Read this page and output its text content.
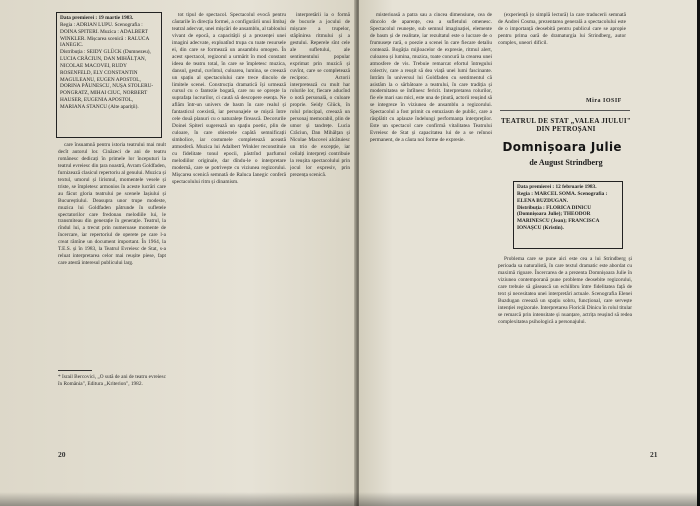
Data premierei : 19 martie 1983.
Regia : ADRIAN LUPU. Scenografia : DOINA SPITERI. Muzica : ADALBERT WINKLER. Mișcarea scenică : RALUCA IANEGIC.
Distribuția : SEIDY GLÜCK (Dumnezeu), LUCIA CRĂCIUN, DAN MIHĂLȚAN, NICOLAE MACOVEI, RUDY ROSENFELD, ELY CONSTANTIN MAGULEANU, EUGEN APOSTOL, DORINA PĂUNESCU, NUȘA STOLERU-PONGRATZ, MIHAI CIUC, NORBERT HAUSER, EUGENIA APOSTOL, MARIANA STANCU (Alte apariții).

care însuamnă pentru istoria teatrului mai mult decît autorul lor. Cinăzeci de ani de teatru românesc dedicați în primele lor începuturi la teatrul evreiesc din țara noastră, Avram Goldfaden, furnizează clasicul repertoriu al genului. Muzica și textul, umorul și lirismul, momentele vesele și triste, se împletesc armonios în aceste lucrări care au făcut gloria teatrului pe scenele Iașiului și Bucureștiului. Deasupra unor trupe modeste, muzica lui Goldfaden pătrunde în sufletele spectatorilor care fredonau melodiile lui, le transmiteau din generație în generație. Teatrul, la rîndul lui, a trecut prin numeroase momente de încercare, iar repertoriul de operete pe care l-a creat rămîne un document important. În 1964, la T.E.S. și în 1983, la Teatrul Evreiesc de Stat, s-a reluat interpretarea celor mai reușite piese, fapt care atestă interesul publicului larg.

* Israil Bercovici, „O sută de ani de teatru evreiesc în România", Editura „Kriterion", 1982.

tot tipul de spectacol. Spectacolul evocă pentru căutarile în direcția formei, a configurării unui limbaj teatral adecvat, unei mișcări de ansamblu, al tabloului vivant de epocă, a capacității și a prezenței unei imagini adecvate, exploatînd trupa cu toate resursele ei, din care se formează un ansamblu omogen. În acest spectacol, regizorul a urmărit în mod constant ideea de teatru total, în care se împletesc muzica, dansul, gestul, cuvîntul, culoarea, lumina, se creează un spațiu al spectacolului care trece dincolo de limitele scenei. Construcția dramatică își urmează cursul cu o fantezie bogată, care nu se oprește la suprafața lucrurilor, ci caută să descopere esența. Ne aflăm într-un univers de basm în care realul și fantasticul coexistă, iar personajele se mișcă între cele două planuri cu o naturalețe firească. Decorurile Doinei Spiteri sugerează un spațiu poetic, plin de culoare, în care obiectele capătă semnificații simbolice, iar costumele completează această atmosferă. Muzica lui Adalbert Winkler reconstituie cu fidelitate tonul epocii, păstrînd parfumul melodiilor originale, dar dîndu-le o interpretare modernă, care se potrivește cu viziunea regizorului. Mișcarea scenică semnată de Raluca Ianegic conferă spectacolului ritm și dinamism.

interpretării ia o formă de bucurie a jocului de mișcare a trupelor, stăpînirea ritmului și a gestului. Reperele sînt cele ale sufletului, ale sentimentului popular exprimat prin muzică și cuvînt, care se completează reciproc. Actorii interpretează cu mult har rolurile lor, fiecare aducînd o notă personală, o culoare proprie. Seidy Glück, în rolul principal, creează un personaj memorabil, plin de umor și tandrețe. Lucia Crăciun, Dan Mihălțan și Nicolae Macovei alcătuiesc un trio de excepție, iar ceilalți interpreți contribuie la reușita spectacolului prin jocul lor expresiv, prin prezența scenică.

20

misterioasă a patra sau a cincea dimensiune, cea de dincolo de aparențe, cea a sufletului omenesc. Spectacolul reunește, sub semnul imaginației, elemente de basm și de realitate, iar rezultatul este o lucrare de o frumusețe rară, o poezie a scenei în care fiecare detaliu contează. Bogăția mijloacelor de expresie, ritmul alert, culoarea și lumina, muzica, toate concură la crearea unei atmosfere de vis. Trebuie remarcat efortul întregului colectiv, care a reușit să dea viață unei lumi fascinante. Intrăm în universul lui Goldfaden cu sentimentul că asistăm la o sărbătoare a teatrului, în care tradiția și modernitatea se întîlnesc fericit. Interpretarea rolurilor, fie ele mari sau mici, este una de ținută, actorii reușind să se integreze în viziunea de ansamblu a regizorului. Spectacolul a fost primit cu entuziasm de public, care a răsplătit cu aplauze îndelungi performanța interpreților. Este un spectacol care confirmă vitalitatea Teatrului Evreiesc de Stat și capacitatea lui de a se reînnoi permanent, de a căuta noi forme de expresie.

(experiență (o simplă lectură) la care traducerii semnată de Andrei Cosma, prezentarea generală a spectacolului este de o importanță deosebită pentru publicul care se apropie pentru prima oară de dramaturgia lui Strindberg, autor complex, uneori dificil.

Mira IOSIF
TEATRUL DE STAT „VALEA JIULUI" DIN PETROȘANI
Domnișoara Julie
de August Strindberg
Data premierei : 12 februarie 1983.
Regia : MARCEL SOMA. Scenografia : ELENA BUZDUGAN.
Distribuția : FLORICA DINICU (Domnișoara Julie); THEODOR MARINESCU (Jean); FRANCISCA IONAȘCU (Kristin).

Problema care se pune aici este cea a lui Strindberg și perioada sa naturalistă, în care textul dramatic este abordat cu maximă rigoare. Încercarea de a prezenta Domnișoara Julie în viziunea contemporană pune probleme deosebite regizorului, care trebuie să găsească un echilibru între fidelitatea față de text și necesitatea unei interpretări actuale. Scenografia Elenei Buzdugan creează un spațiu sobru, funcțional, care servește intenției regizorale. Interpretarea Floricăi Dinicu în rolul titular se remarcă prin intensitate și nuanțare, actrița reușind să redea complexitatea psihologică a personajului.

21
